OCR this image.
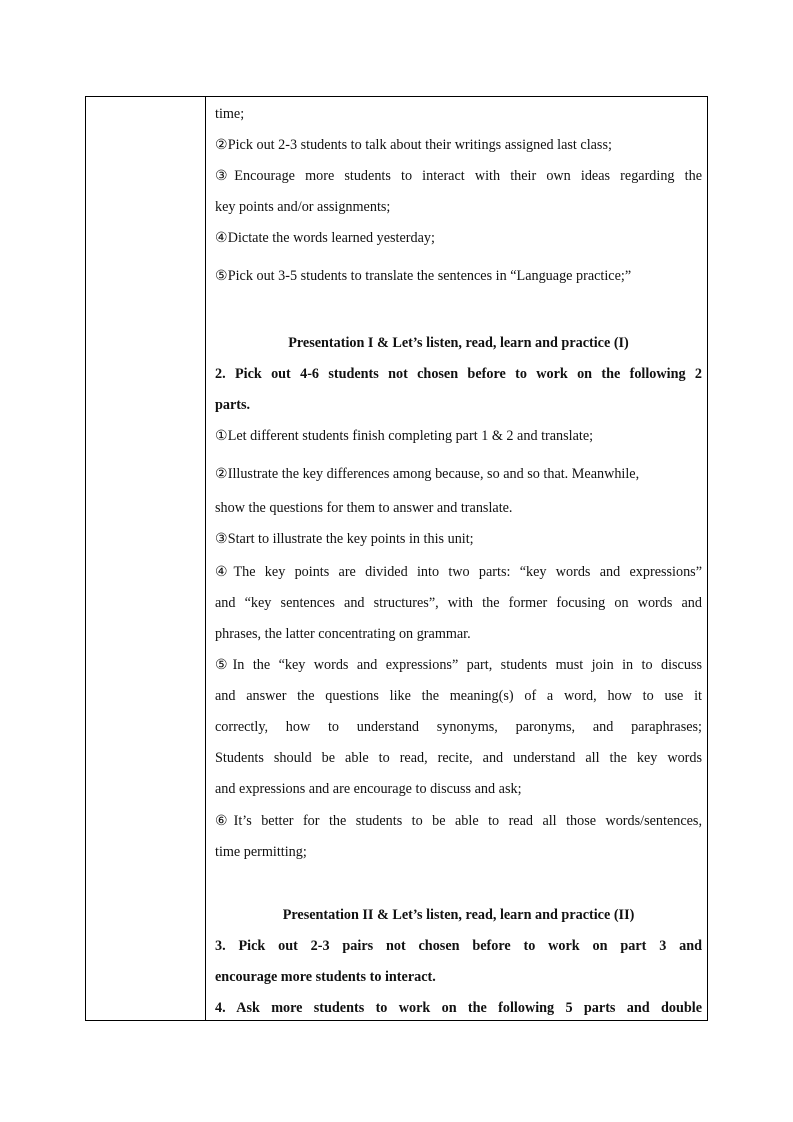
time;
②Pick out 2-3 students to talk about their writings assigned last class;
③Encourage more students to interact with their own ideas regarding the
key points and/or assignments;
④Dictate the words learned yesterday;
⑤Pick out 3-5 students to translate the sentences in “Language practice;”
Presentation I & Let’s listen, read, learn and practice (I)
2. Pick out 4-6 students not chosen before to work on the following 2
parts.
①Let different students finish completing part 1 & 2 and translate;
②Illustrate the key differences among because, so and so that. Meanwhile,
show the questions for them to answer and translate.
③Start to illustrate the key points in this unit;
④The key points are divided into two parts: “key words and expressions”
and “key sentences and structures”, with the former focusing on words and
phrases, the latter concentrating on grammar.
⑤In the “key words and expressions” part, students must join in to discuss
and answer the questions like the meaning(s) of a word, how to use it
correctly, how to understand synonyms, paronyms, and paraphrases;
Students should be able to read, recite, and understand all the key words
and expressions and are encourage to discuss and ask;
⑥It’s better for the students to be able to read all those words/sentences,
time permitting;
Presentation II & Let’s listen, read, learn and practice (II)
3. Pick out 2-3 pairs not chosen before to work on part 3 and
encourage more students to interact.
4. Ask more students to work on the following 5 parts and double
